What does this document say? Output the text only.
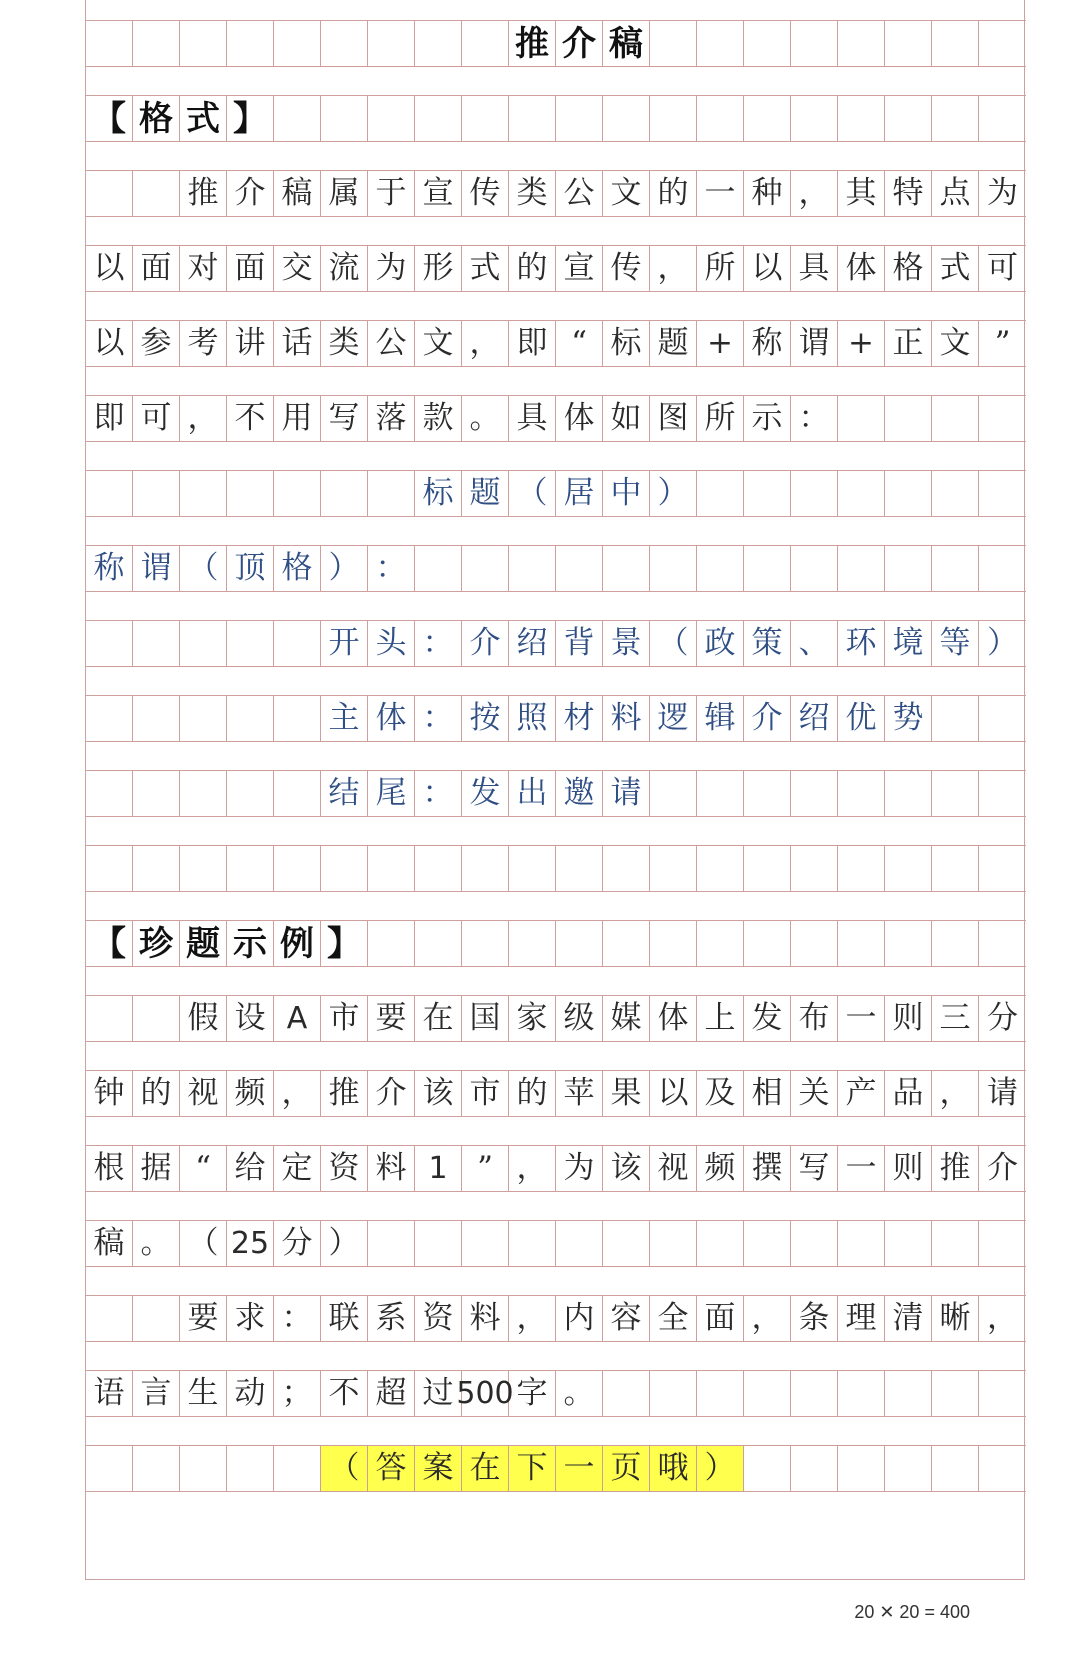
推 介 稿
【 格 式 】
推 介 稿 属 于 宣 传 类 公 文 的 一 种 ， 其 特 点 为
以 面 对 面 交 流 为 形 式 的 宣 传 ， 所 以 具 体 格 式 可
以 参 考 讲 话 类 公 文 ， 即 “ 标 题 + 称 谓 + 正 文 ”
即 可 ， 不 用 写 落 款 。 具 体 如 图 所 示 ：
标 题 （ 居 中 ）
称 谓 （ 顶 格 ） ：
开 头 ： 介 绍 背 景 （ 政 策 、 环 境 等 ）
主 体 ： 按 照 材 料 逻 辑 介 绍 优 势
结 尾 ： 发 出 邀 请
【 珍 题 示 例 】
假 设 A 市 要 在 国 家 级 媒 体 上 发 布 一 则 三 分
钟 的 视 频 ， 推 介 该 市 的 苹 果 以 及 相 关 产 品 ， 请
根 据 “ 给 定 资 料 1 ” ， 为 该 视 频 撰 写 一 则 推 介
稿 。 （ 25 分 ）
要 求 ： 联 系 资 料 ， 内 容 全 面 ， 条 理 清 晰 ，
语 言 生 动 ； 不 超 过 500 字 。
（ 答 案 在 下 一 页 哦 ）
20 ✕ 20 = 400
